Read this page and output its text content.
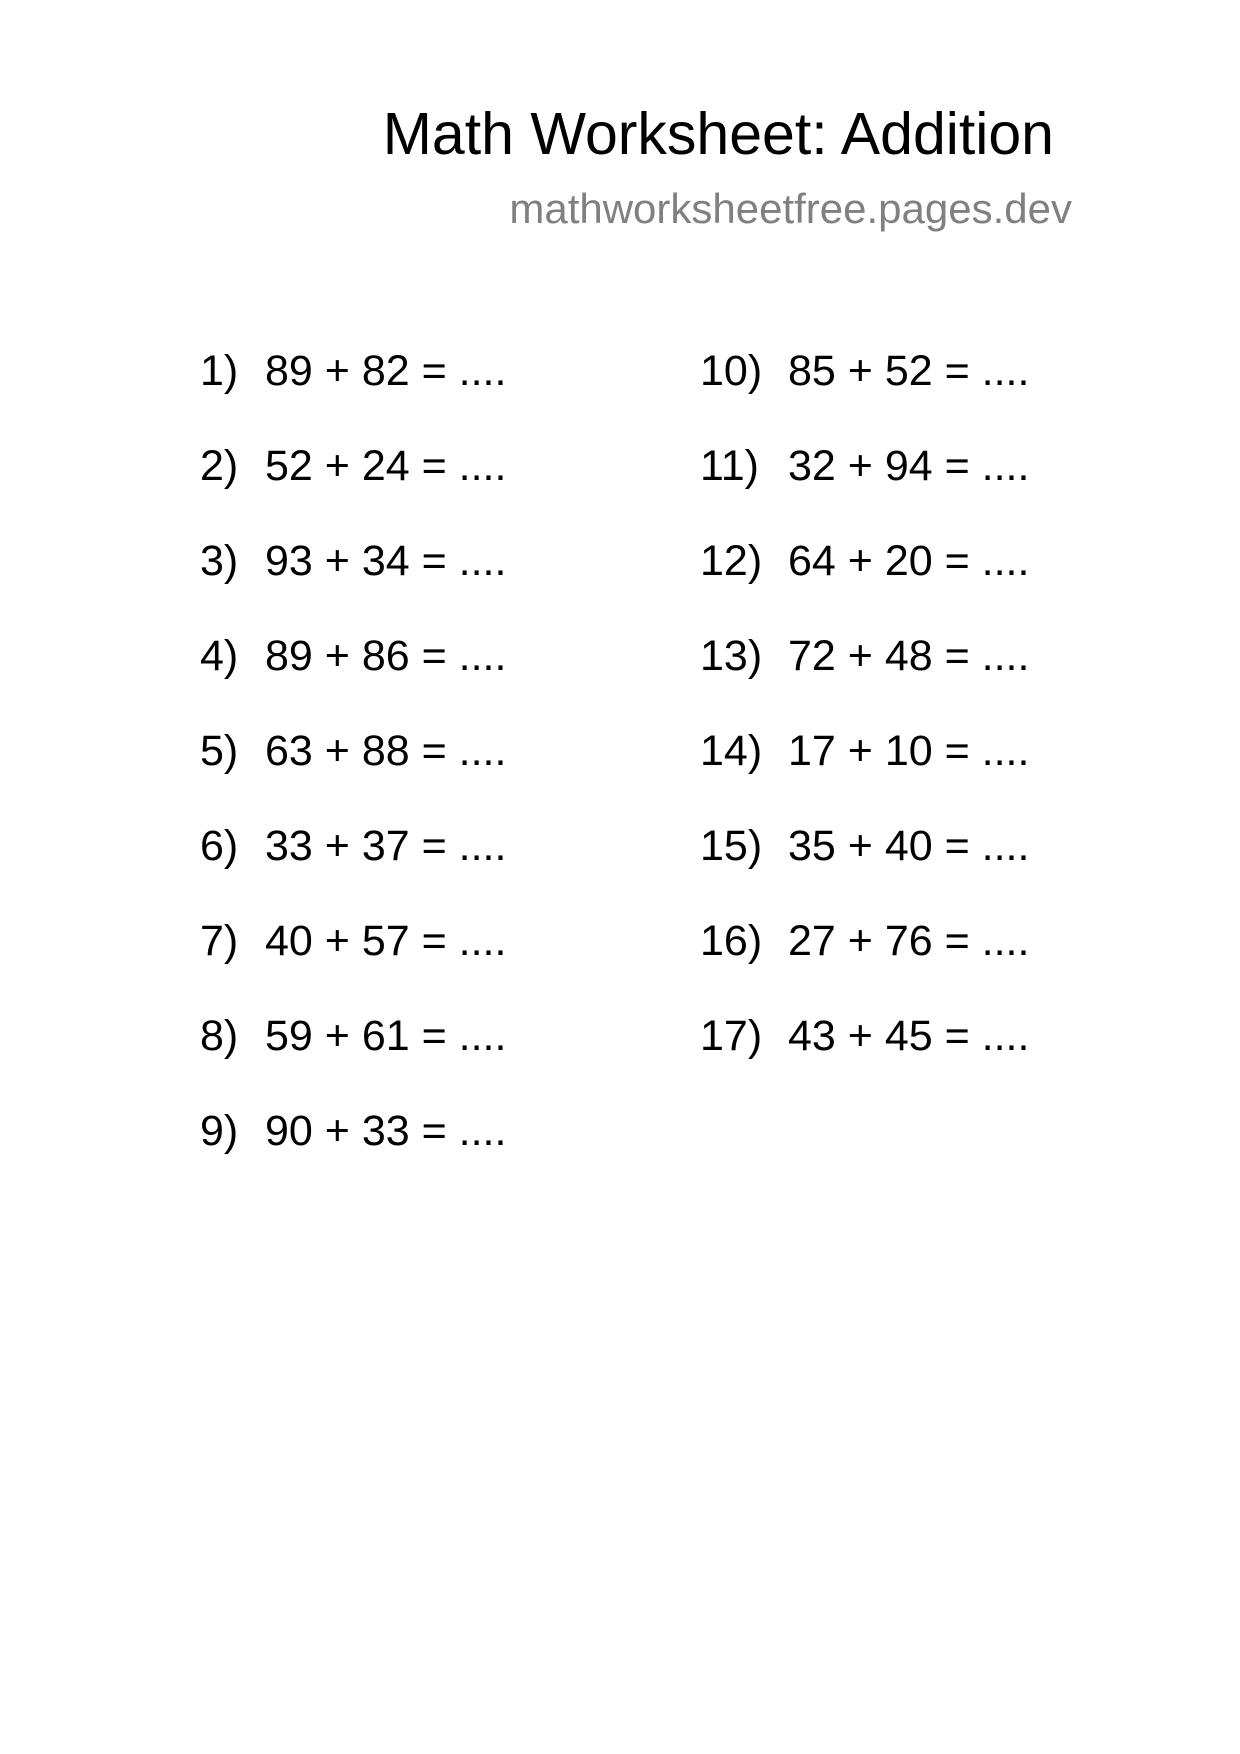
Math Worksheet: Addition
mathworksheetfree.pages.dev
1) 89 + 82 = ....
2) 52 + 24 = ....
3) 93 + 34 = ....
4) 89 + 86 = ....
5) 63 + 88 = ....
6) 33 + 37 = ....
7) 40 + 57 = ....
8) 59 + 61 = ....
9) 90 + 33 = ....
10) 85 + 52 = ....
11) 32 + 94 = ....
12) 64 + 20 = ....
13) 72 + 48 = ....
14) 17 + 10 = ....
15) 35 + 40 = ....
16) 27 + 76 = ....
17) 43 + 45 = ....
